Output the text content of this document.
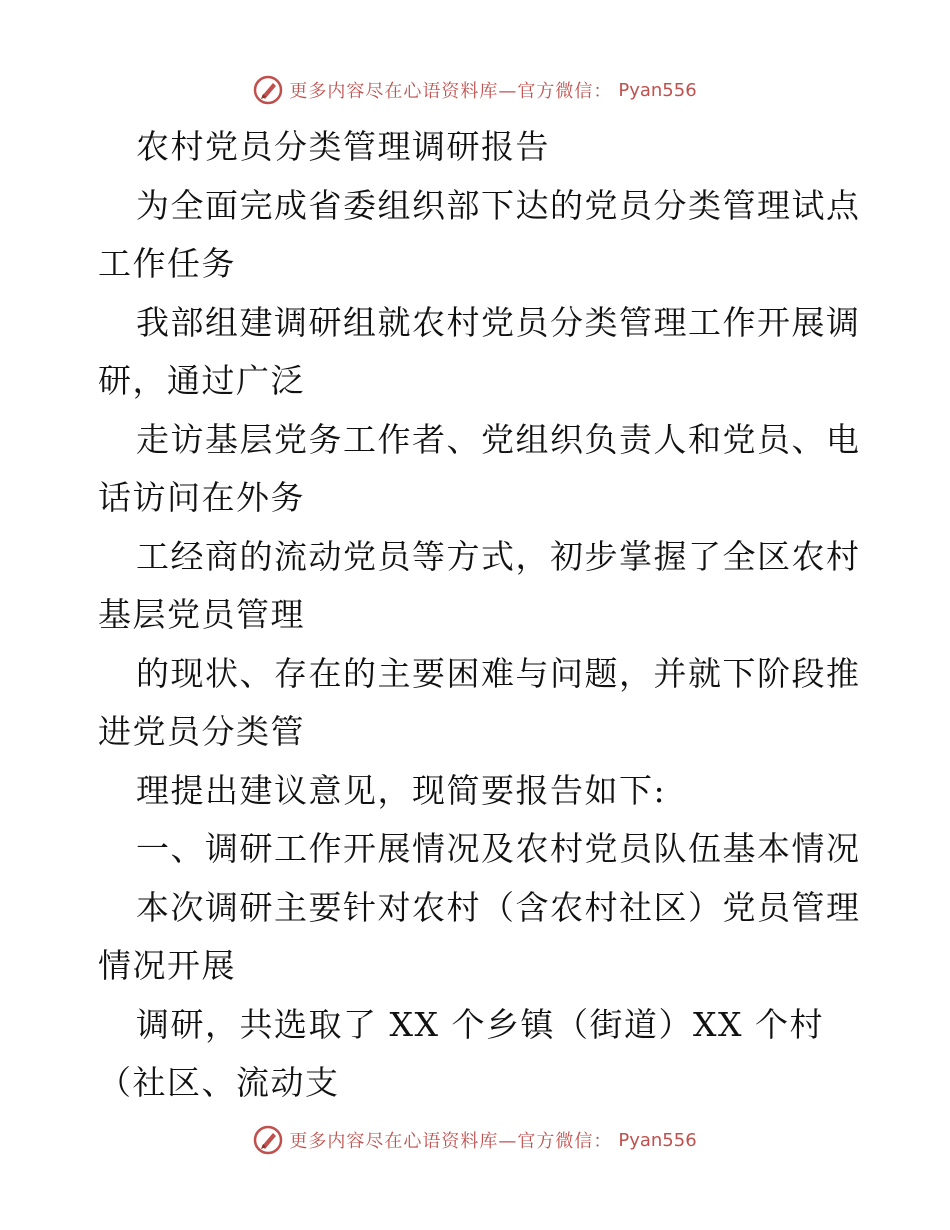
更多内容尽在心语资料库—官方微信： Pyan556
农村党员分类管理调研报告
为全面完成省委组织部下达的党员分类管理试点
工作任务
我部组建调研组就农村党员分类管理工作开展调
研，通过广泛
走访基层党务工作者、党组织负责人和党员、电
话访问在外务
工经商的流动党员等方式，初步掌握了全区农村
基层党员管理
的现状、存在的主要困难与问题，并就下阶段推
进党员分类管
理提出建议意见，现简要报告如下:
一、调研工作开展情况及农村党员队伍基本情况
本次调研主要针对农村（含农村社区）党员管理
情况开展
调研，共选取了 XX 个乡镇（街道）XX 个村
（社区、流动支
更多内容尽在心语资料库—官方微信： Pyan556
